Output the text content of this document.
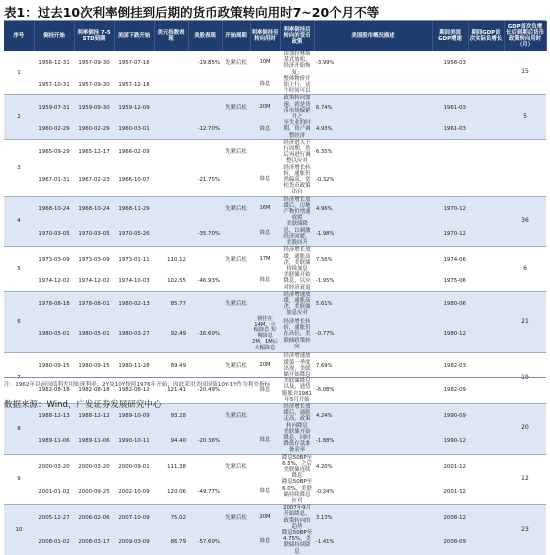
表1：过去10次利率倒挂到后期的货币政策转向用时7~20个月不等
序号	倒挂开始	利率倒挂 7-5 STD到期	美国下跌开始	美元指数表现	美股表现	开始周期	利率倒挂至转向用时	利率倒挂后转向的货币政策	美国股市概况描述	期间美国GDP增速	期间GDP首次实际负增长	GDP首次负增长后到期后货币政策转向用时（月）
1	1956-12-31	1957-09-30	1957-07-16		-19.85%	先紧后松	10M	由加拉林斯基式放松，经济开始恢复；	-3.99%	1958-03		15
	1957-10-31	1957-09-30	1957-12-18				降息	整体物价开始上行，这个时间可以				
2	1959-07-31	1959-09-30	1959-12-09			先紧后松	20M	政策转向加速，就是货币市场偏紧升之	6.74%	1961-03		5
	1960-02-29	1960-02-29	1960-03-01		-12.70%		降息	至失业的时期，资产调整经济	4.93%	1961-03		
3	1965-09-29	1965-12-17	1966-02-09			先紧后松		经济进入下行周期，然后再进行调整以应对	6.35%			
	1967-01-31	1967-02-23	1966-10-07		-21.75%		降息	经济增长转折，通胀仍然偏高，宽松货币政策出台	-0.32%			
4	1968-10-24	1968-10-24	1968-11-29			先紧后松	16M	经济增长放缓后，房地产物价增速放缓	4.96%	1970-12		36
	1970-03-05	1970-03-05	1970-05-26		-35.70%		降息	美联储降息，以刺激经济回暖，美股回升	-1.98%	1970-12		
5	1973-03-09	1973-03-09	1973-01-11	110.12		先紧后松	17M	经济增长放缓，通胀高企，美联储持续加息	7.56%	1974-06		6
	1974-12-02	1974-12-02	1974-10-03	102.55	-46.93%		降息	美联储开始降息，以应对经济衰退	-1.95%	1975-06		
6	1978-08-18	1978-08-01	1980-02-13	85.77		先紧后松		经济增速放缓，通胀高企，美联储加息应对	5.61%	1980-06		21
	1980-05-01	1980-05-01	1980-03-27	92.49	-16.69%		倒挂在14M，小幅降息 短期降息2M，1M后大幅降息	经济增长转折，通胀仍在高位，美联储政策转向	-0.77%	1980-12		
7	1980-09-15	1980-09-15	1980-11-28	89.49		先紧后松	20M	经济增速放缓第一季度出现，美联储开始降息	7.69%	1982-03		19
	1982-08-18	1982-08-18	1982-08-12	121.41	-20.49%		降息	美联储降息以及，通货膨胀自1981年5月开始	-6.08%	1982-09		
8	1988-12-13	1988-12-12	1989-10-09	93.28		先紧后松		经济增长放缓后，通胀走高，政策转向降息	4.24%	1990-09		20
	1989-11-06	1989-11-06	1990-10-11	94.40	-20.36%		降息	美联储开始降息，同时降低存款准备金率	-1.88%	1990-12		
9	2000-03-20	2000-03-20	2000-09-01	111.38		先紧后松		降息50BP至6.5%，之后美联储连续降息	4.20%	2001-12		12
	2001-01-02	2000-09-25	2002-10-09	120.06	-49.77%		降息	降息50BP至6.0%，美联储持续降息应对	-0.24%	2001-12		
10	2005-12-27	2006-02-06	2007-10-09	75.02		先紧后松	20M	2007年9月开始降息，政策转向的趋势	3.13%	2008-12		23
	2008-01-02	2008-03-17	2009-03-09	86.79	-57.69%		降息	降息50BP至4.75%，美联储持续降息	-1.41%	2008-09		
注：1962年以前国债利差用贴现利率；2Y及10Y按照1976年开始，因此采用美国国债10Y-1Y作为利差指标
数据来源：Wind，广发证券发展研究中心
